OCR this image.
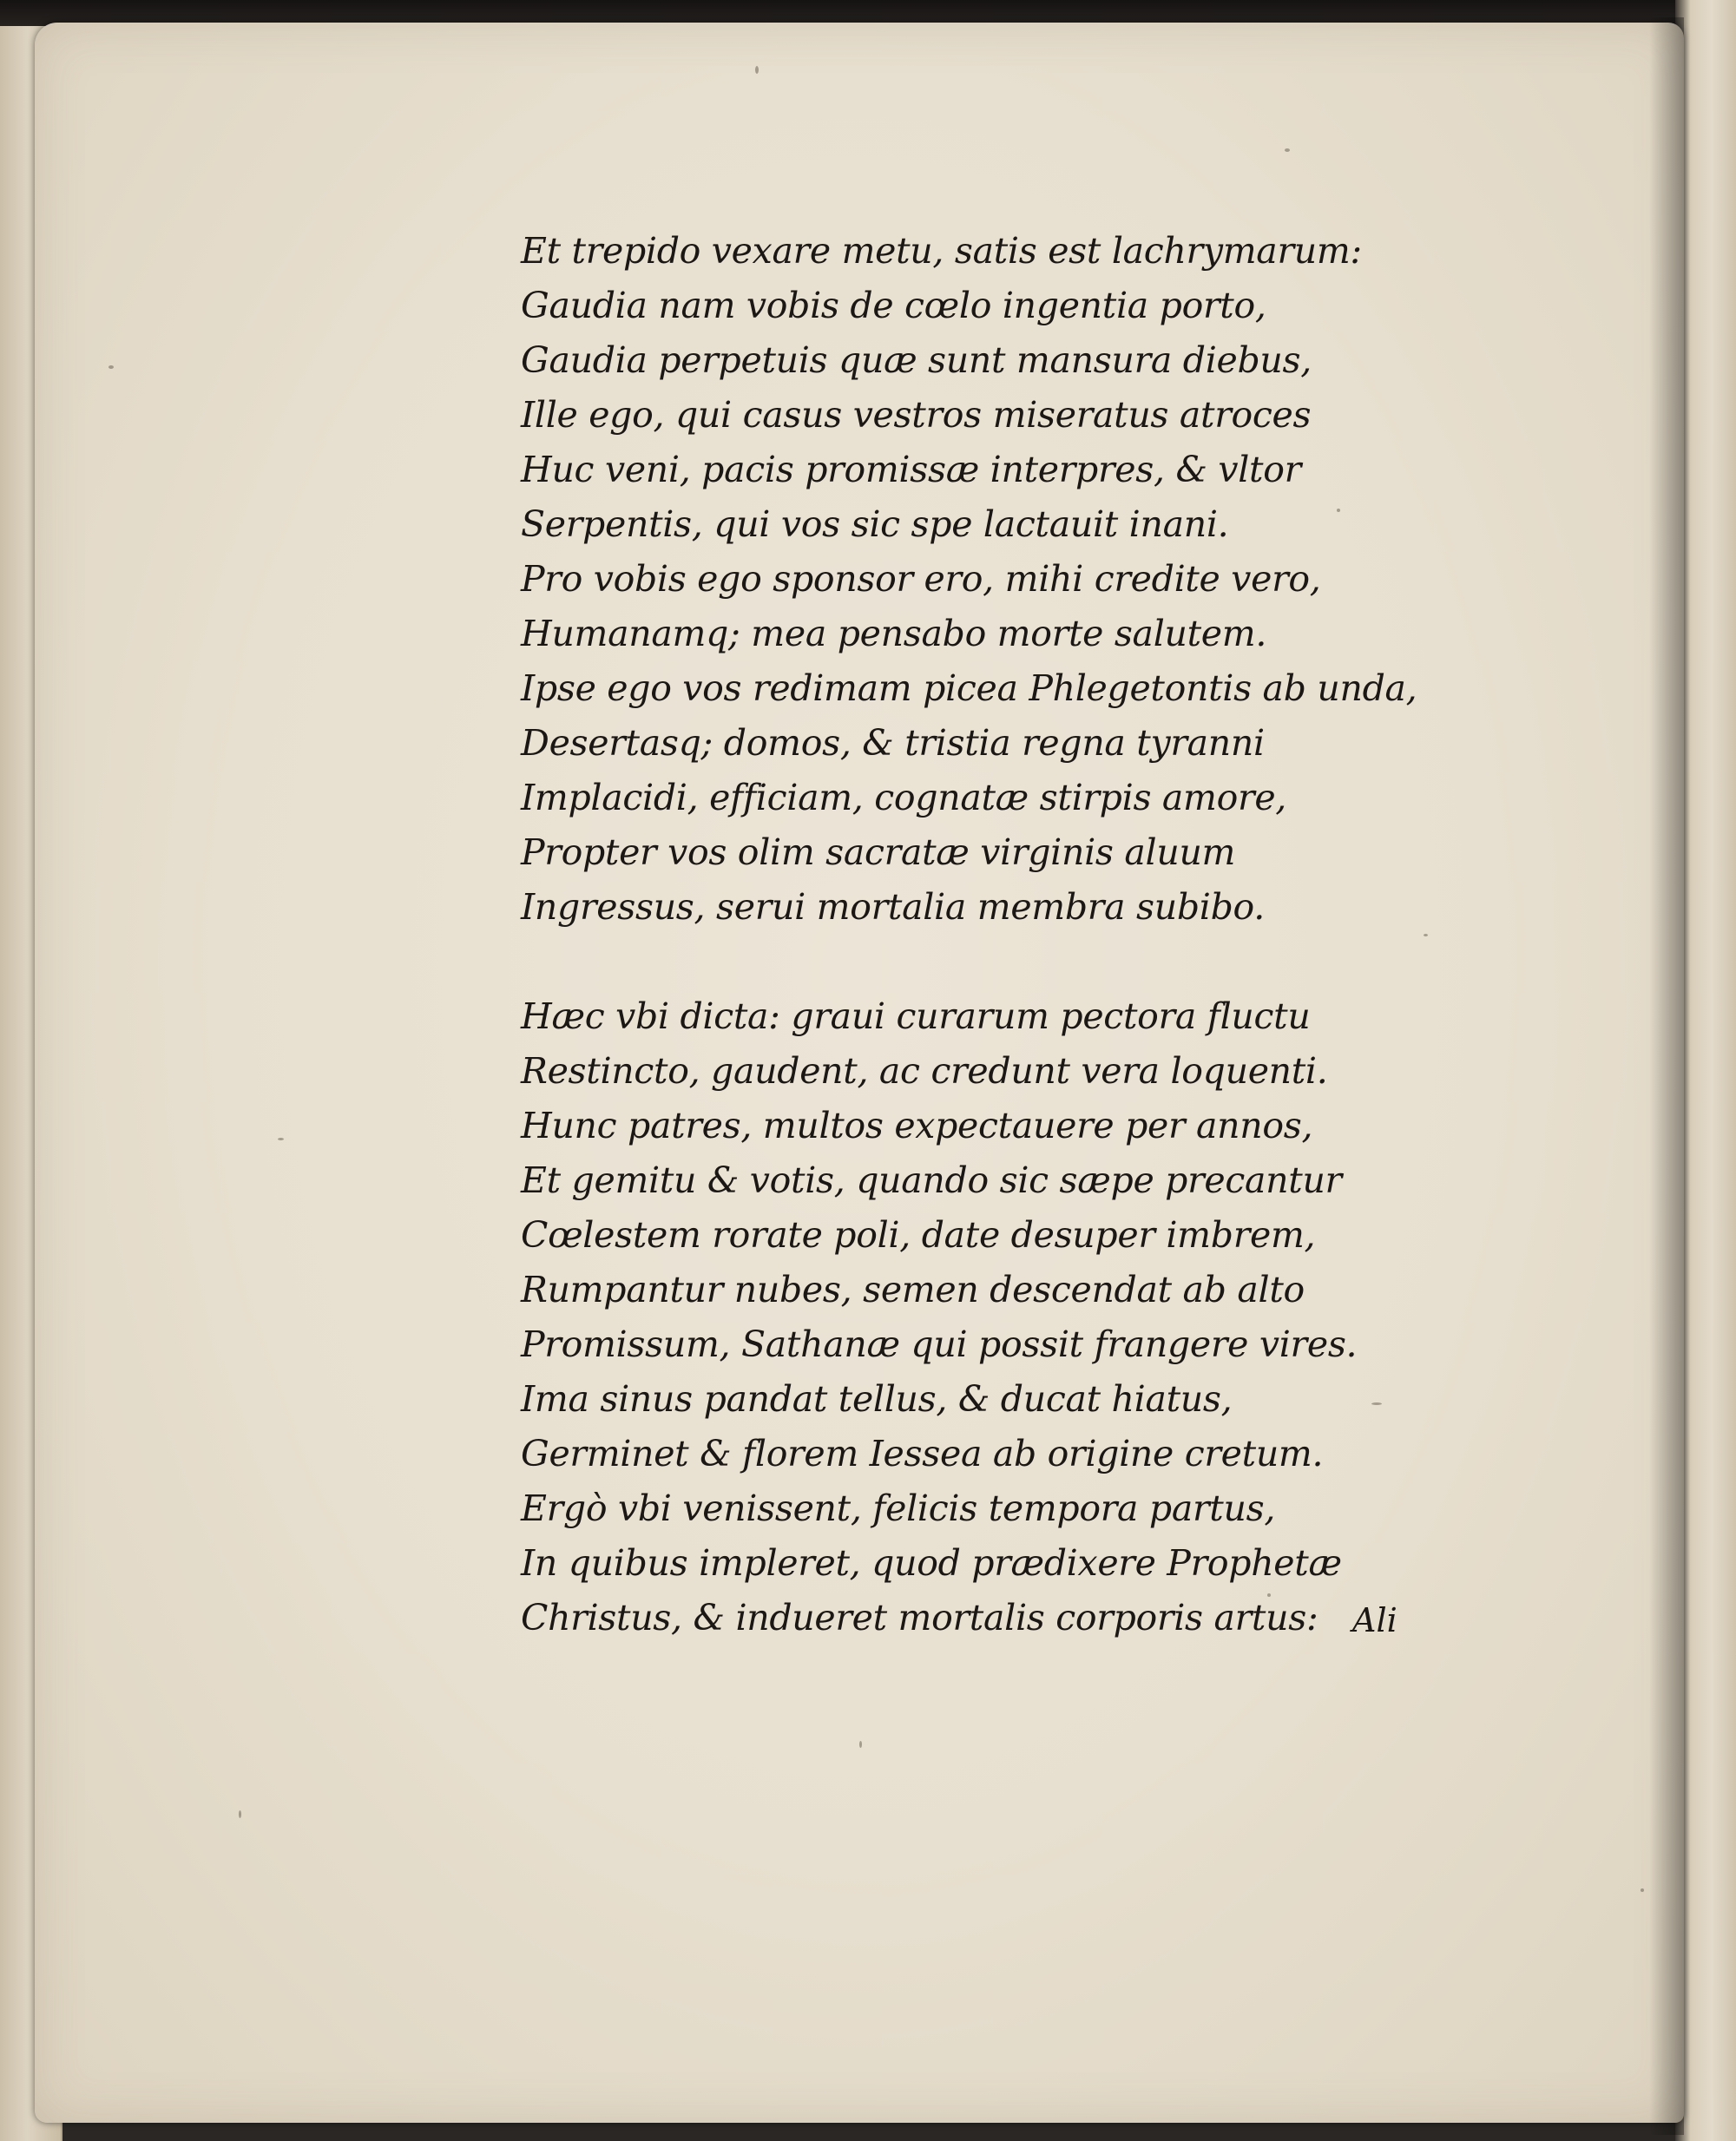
Et trepido vexare metu, satis est lachrymarum:
Gaudia nam vobis de cœlo ingentia porto,
Gaudia perpetuis quæ sunt mansura diebus,
Ille ego, qui casus vestros miseratus atroces
Huc veni, pacis promissæ interpres, & vltor
Serpentis, qui vos sic spe lactauit inani.
Pro vobis ego sponsor ero, mihi credite vero,
Humanamq; mea pensabo morte salutem.
Ipse ego vos redimam picea Phlegetontis ab unda,
Desertasq; domos, & tristia regna tyranni
Implacidi, efficiam, cognatæ stirpis amore,
Propter vos olim sacratæ virginis aluum
Ingressus, serui mortalia membra subibo.
Hæc vbi dicta: graui curarum pectora fluctu
Restincto, gaudent, ac credunt vera loquenti.
Hunc patres, multos expectauere per annos,
Et gemitu & votis, quando sic sæpe precantur
Cœlestem rorate poli, date desuper imbrem,
Rumpantur nubes, semen descendat ab alto
Promissum, Sathanæ qui possit frangere vires.
Ima sinus pandat tellus, & ducat hiatus,
Germinet & florem Iessea ab origine cretum.
Ergò vbi venissent, felicis tempora partus,
In quibus impleret, quod prædixere Prophetæ
Christus, & indueret mortalis corporis artus:	Ali
